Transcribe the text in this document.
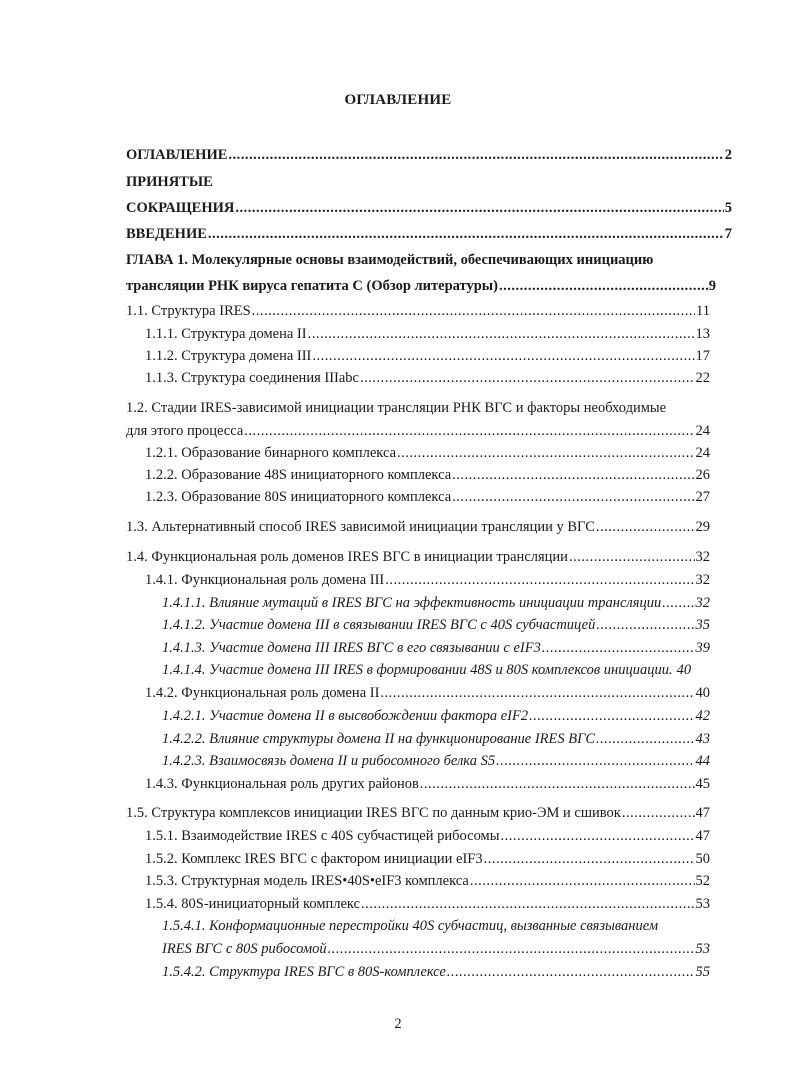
ОГЛАВЛЕНИЕ
ОГЛАВЛЕНИЕ .....	2
ПРИНЯТЫЕ
СОКРАЩЕНИЯ .....	5
ВВЕДЕНИЕ .....	7
ГЛАВА 1. Молекулярные основы взаимодействий, обеспечивающих инициацию
трансляции РНК вируса гепатита С (Обзор литературы) .....	9
1.1. Структура IRES .....	11
1.1.1. Структура домена II .....	13
1.1.2. Структура домена III .....	17
1.1.3. Структура соединения IIIabc .....	22
1.2. Стадии IRES-зависимой инициации трансляции РНК ВГС и факторы необходимые
для этого процесса .....	24
1.2.1. Образование бинарного комплекса .....	24
1.2.2. Образование 48S инициаторного комплекса .....	26
1.2.3. Образование 80S инициаторного комплекса .....	27
1.3. Альтернативный способ IRES зависимой инициации трансляции у ВГС .....	29
1.4. Функциональная роль доменов IRES ВГС в инициации трансляции .....	32
1.4.1. Функциональная роль домена III .....	32
1.4.1.1. Влияние мутаций в IRES ВГС на эффективность инициации трансляции ..... 32
1.4.1.2. Участие домена III в связывании IRES ВГС с 40S субчастицей .....	35
1.4.1.3. Участие домена III IRES ВГС в его связывании с eIF3 .....	39
1.4.1.4. Участие домена III IRES в формировании 48S и 80S комплексов инициации. 40
1.4.2. Функциональная роль домена II .....	40
1.4.2.1. Участие домена II в высвобождении фактора eIF2 .....	42
1.4.2.2. Влияние структуры домена II на функционирование IRES ВГС .....	43
1.4.2.3. Взаимосвязь домена II и рибосомного белка S5 .....	44
1.4.3. Функциональная роль других районов .....	45
1.5. Структура комплексов инициации IRES ВГС по данным крио-ЭМ и сшивок .....	47
1.5.1. Взаимодействие IRES с 40S субчастицей рибосомы .....	47
1.5.2. Комплекс IRES ВГС с фактором инициации eIF3 .....	50
1.5.3. Структурная модель IRES•40S•eIF3 комплекса .....	52
1.5.4. 80S-инициаторный комплекс .....	53
1.5.4.1. Конформационные перестройки 40S субчастиц, вызванные связыванием
IRES ВГС с 80S рибосомой .....	53
1.5.4.2. Структура IRES ВГС в 80S-комплексе .....	55
2
